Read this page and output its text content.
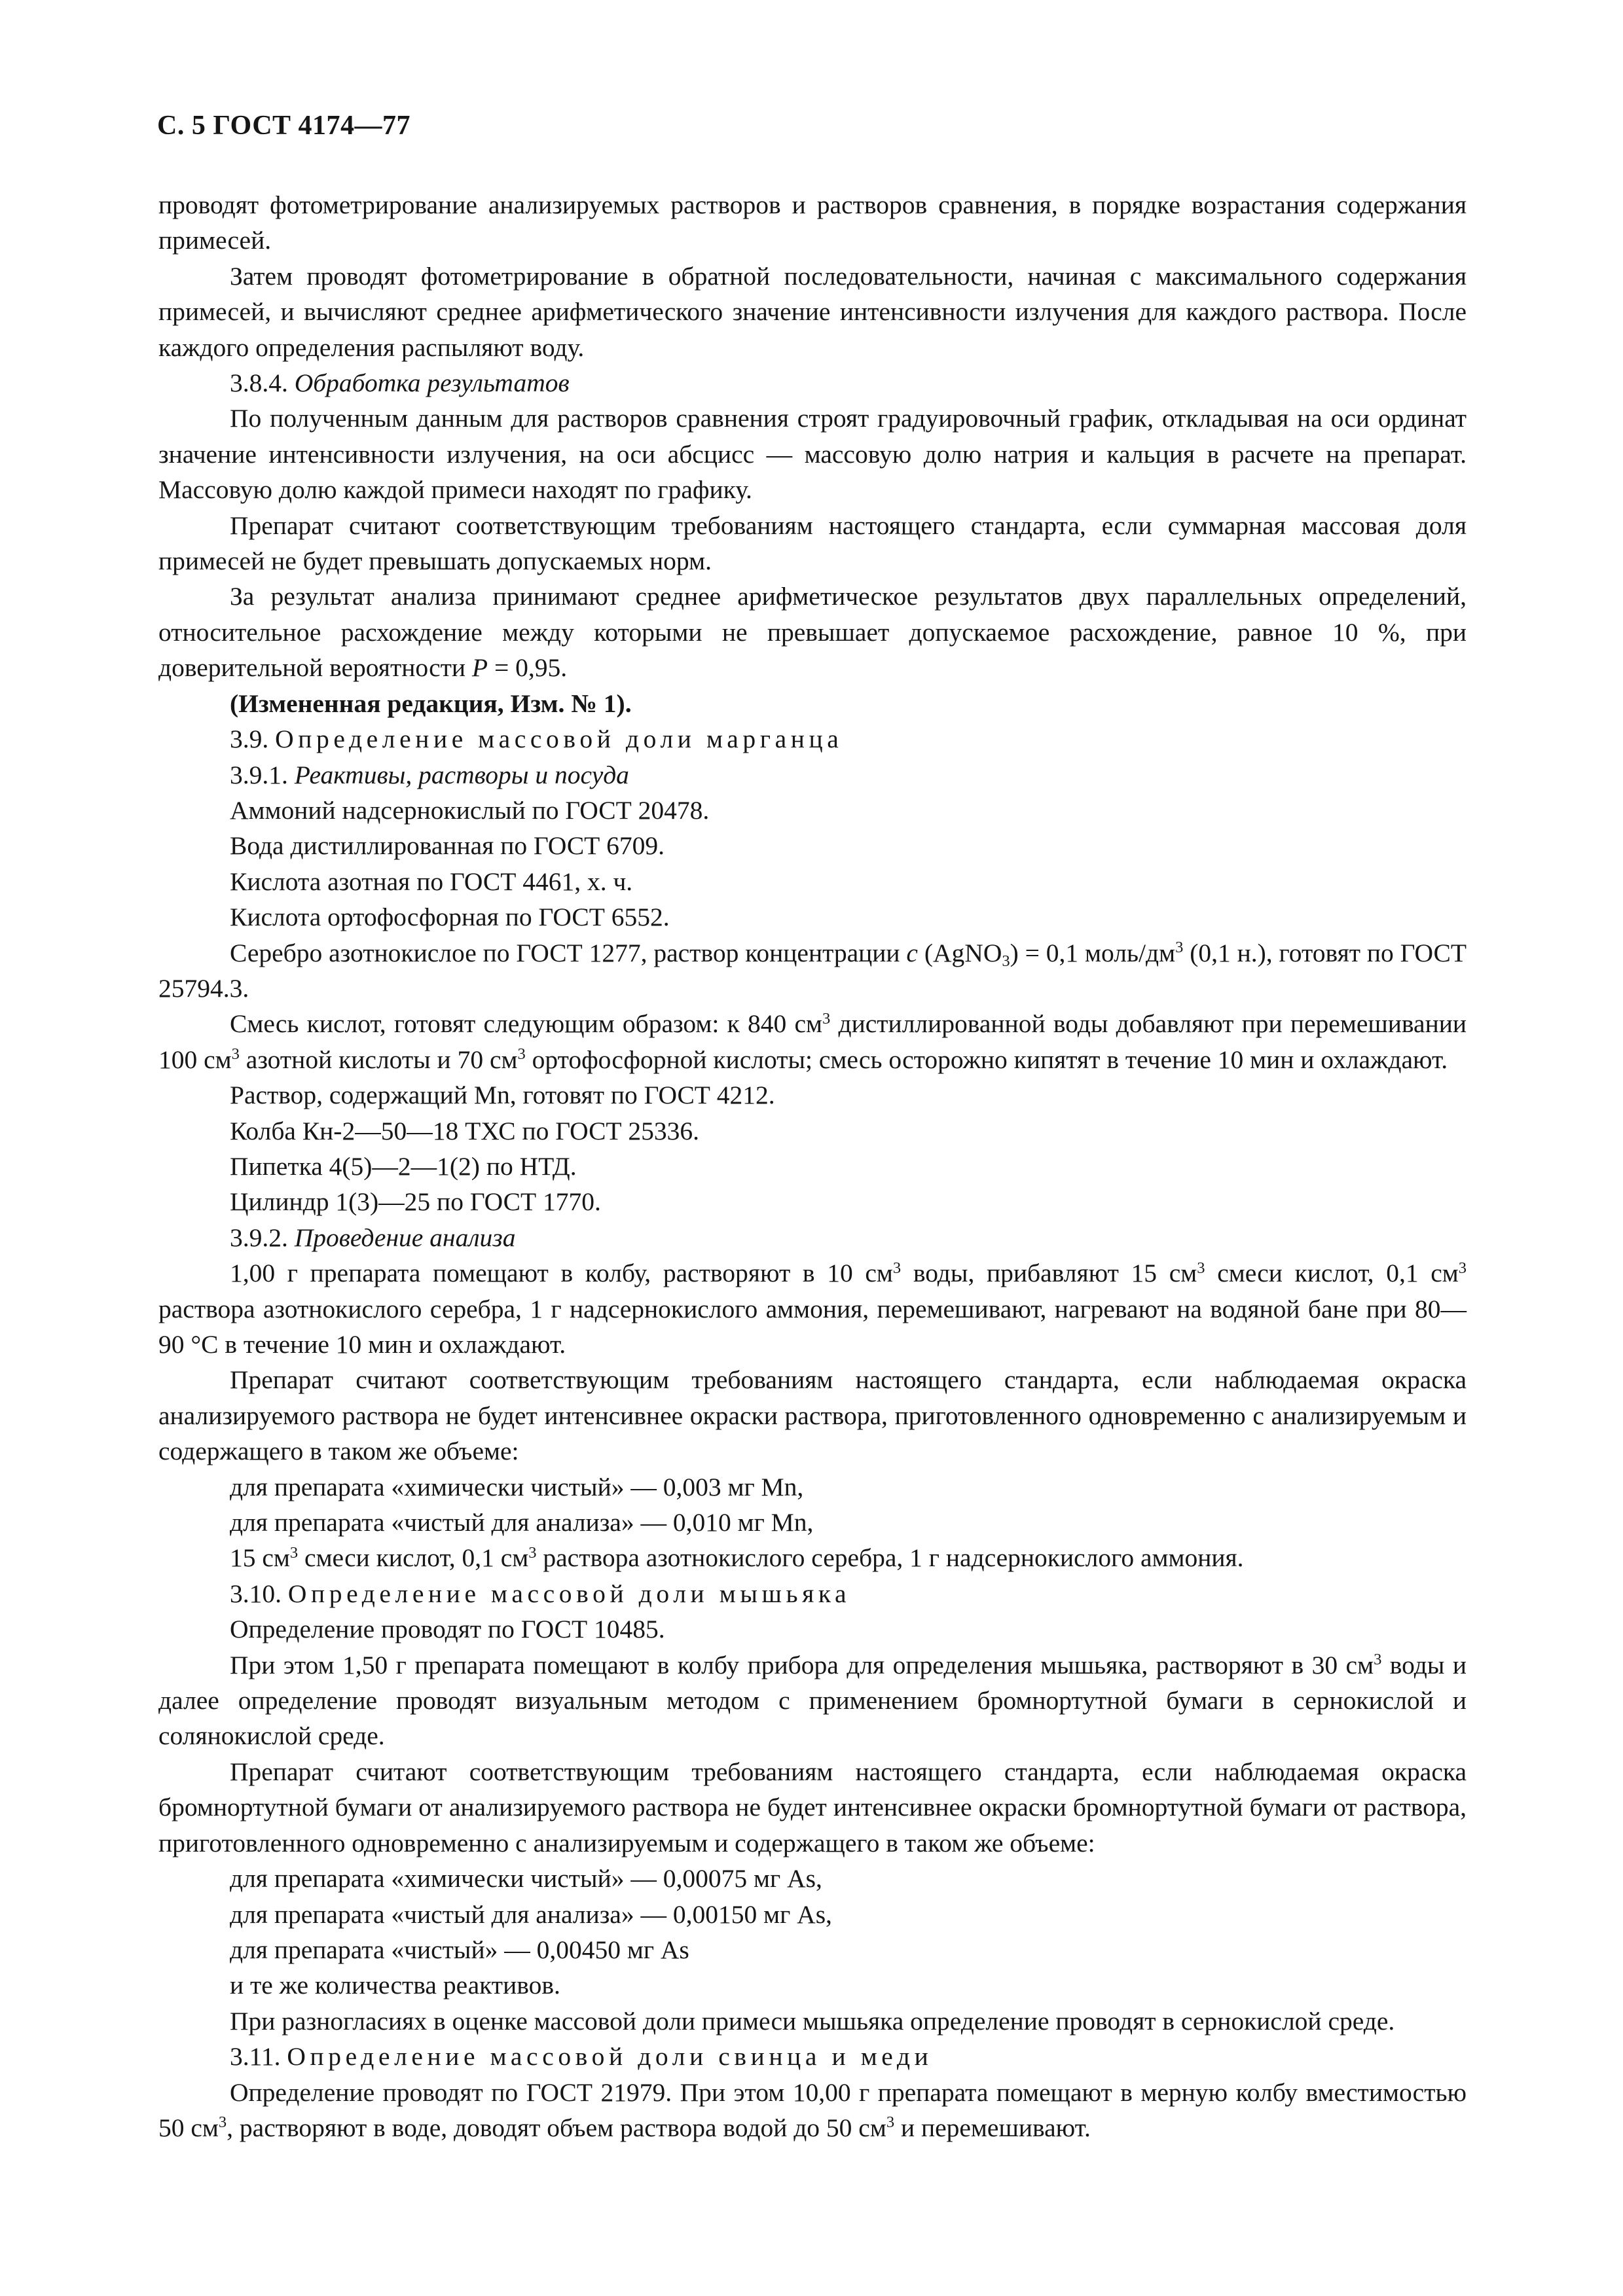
С. 5 ГОСТ 4174—77

проводят фотометрирование анализируемых растворов и растворов сравнения, в порядке возрастания содержания примесей.

Затем проводят фотометрирование в обратной последовательности, начиная с максимального содержания примесей, и вычисляют среднее арифметического значение интенсивности излучения для каждого раствора. После каждого определения распыляют воду.

3.8.4. Обработка результатов

По полученным данным для растворов сравнения строят градуировочный график, откладывая на оси ординат значение интенсивности излучения, на оси абсцисс — массовую долю натрия и кальция в расчете на препарат. Массовую долю каждой примеси находят по графику.

Препарат считают соответствующим требованиям настоящего стандарта, если суммарная массовая доля примесей не будет превышать допускаемых норм.

За результат анализа принимают среднее арифметическое результатов двух параллельных определений, относительное расхождение между которыми не превышает допускаемое расхождение, равное 10 %, при доверительной вероятности P = 0,95.

(Измененная редакция, Изм. № 1).

3.9. Определение массовой доли марганца

3.9.1. Реактивы, растворы и посуда

Аммоний надсернокислый по ГОСТ 20478.

Вода дистиллированная по ГОСТ 6709.

Кислота азотная по ГОСТ 4461, х. ч.

Кислота ортофосфорная по ГОСТ 6552.

Серебро азотнокислое по ГОСТ 1277, раствор концентрации c (AgNO$_3$) = 0,1 моль/$дм^3$ (0,1 н.), готовят по ГОСТ 25794.3.

Смесь кислот, готовят следующим образом: к 840 $см^3$ дистиллированной воды добавляют при перемешивании 100 $см^3$ азотной кислоты и 70 $см^3$ ортофосфорной кислоты; смесь осторожно кипятят в течение 10 мин и охлаждают.

Раствор, содержащий Mn, готовят по ГОСТ 4212.

Колба Кн-2—50—18 ТХС по ГОСТ 25336.

Пипетка 4(5)—2—1(2) по НТД.

Цилиндр 1(3)—25 по ГОСТ 1770.

3.9.2. Проведение анализа

1,00 г препарата помещают в колбу, растворяют в 10 $см^3$ воды, прибавляют 15 $см^3$ смеси кислот, 0,1 $см^3$ раствора азотнокислого серебра, 1 г надсернокислого аммония, перемешивают, нагревают на водяной бане при 80—90 °С в течение 10 мин и охлаждают.

Препарат считают соответствующим требованиям настоящего стандарта, если наблюдаемая окраска анализируемого раствора не будет интенсивнее окраски раствора, приготовленного одновременно с анализируемым и содержащего в таком же объеме:

для препарата «химически чистый» — 0,003 мг Mn,

для препарата «чистый для анализа» — 0,010 мг Mn,

15 $см^3$ смеси кислот, 0,1 $см^3$ раствора азотнокислого серебра, 1 г надсернокислого аммония.

3.10. Определение массовой доли мышьяка

Определение проводят по ГОСТ 10485.

При этом 1,50 г препарата помещают в колбу прибора для определения мышьяка, растворяют в 30 $см^3$ воды и далее определение проводят визуальным методом с применением бромнортутной бумаги в сернокислой и солянокислой среде.

Препарат считают соответствующим требованиям настоящего стандарта, если наблюдаемая окраска бромнортутной бумаги от анализируемого раствора не будет интенсивнее окраски бромнортутной бумаги от раствора, приготовленного одновременно с анализируемым и содержащего в таком же объеме:

для препарата «химически чистый» — 0,00075 мг As,

для препарата «чистый для анализа» — 0,00150 мг As,

для препарата «чистый» — 0,00450 мг As

и те же количества реактивов.

При разногласиях в оценке массовой доли примеси мышьяка определение проводят в сернокислой среде.

3.11. Определение массовой доли свинца и меди

Определение проводят по ГОСТ 21979. При этом 10,00 г препарата помещают в мерную колбу вместимостью 50 $см^3$, растворяют в воде, доводят объем раствора водой до 50 $см^3$ и перемешивают.
